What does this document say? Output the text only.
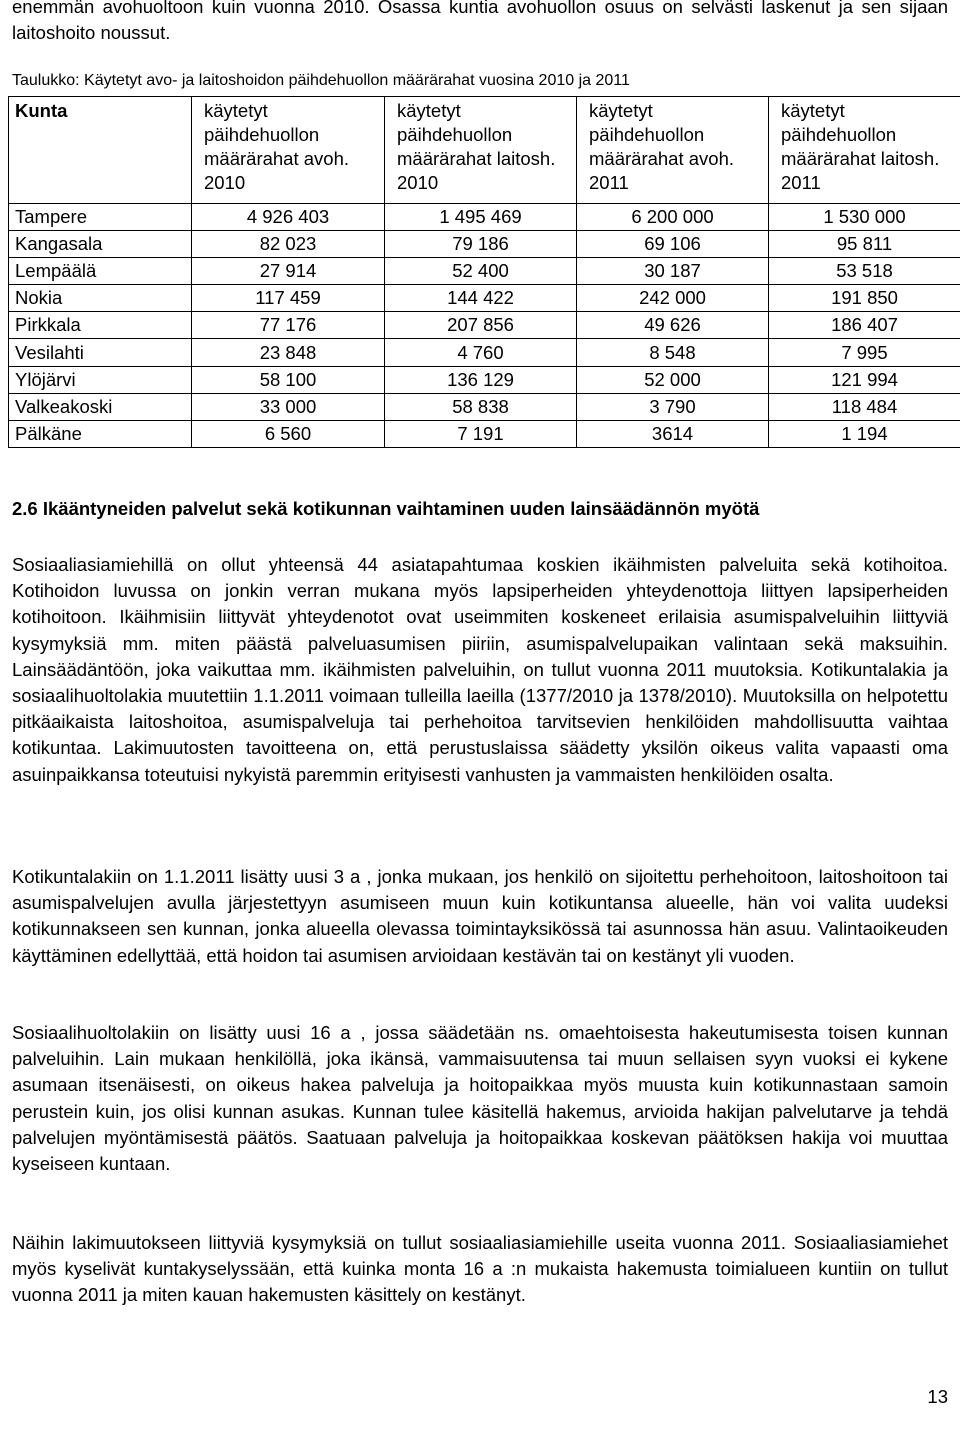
enemmän avohuoltoon kuin vuonna 2010. Osassa kuntia avohuollon osuus on selvästi laskenut ja sen sijaan laitoshoito noussut.

Taulukko: Käytetyt avo- ja laitoshoidon päihdehuollon määrärahat vuosina 2010 ja 2011

Kunta	käytetyt päihdehuollon määrärahat avoh. 2010	käytetyt päihdehuollon määrärahat laitosh. 2010	käytetyt päihdehuollon määrärahat avoh. 2011	käytetyt päihdehuollon määrärahat laitosh. 2011
Tampere	4 926 403	1 495 469	6 200 000	1 530 000
Kangasala	82 023	79 186	69 106	95 811
Lempäälä	27 914	52 400	30 187	53 518
Nokia	117 459	144 422	242 000	191 850
Pirkkala	77 176	207 856	49 626	186 407
Vesilahti	23 848	4 760	8 548	7 995
Ylöjärvi	58 100	136 129	52 000	121 994
Valkeakoski	33 000	58 838	3 790	118 484
Pälkäne	6 560	7 191	3614	1 194

2.6 Ikääntyneiden palvelut sekä kotikunnan vaihtaminen uuden lainsäädännön myötä

Sosiaaliasiamiehillä on ollut yhteensä 44 asiatapahtumaa koskien ikäihmisten palveluita sekä kotihoitoa. Kotihoidon luvussa on jonkin verran mukana myös lapsiperheiden yhteydenottoja liittyen lapsiperheiden kotihoitoon. Ikäihmisiin liittyvät yhteydenotot ovat useimmiten koskeneet erilaisia asumispalveluihin liittyviä kysymyksiä mm. miten päästä palveluasumisen piiriin, asumispalvelupaikan valintaan sekä maksuihin. Lainsäädäntöön, joka vaikuttaa mm. ikäihmisten palveluihin, on tullut vuonna 2011 muutoksia. Kotikuntalakia ja sosiaalihuoltolakia muutettiin 1.1.2011 voimaan tulleilla laeilla (1377/2010 ja 1378/2010). Muutoksilla on helpotettu pitkäaikaista laitoshoitoa, asumispalveluja tai perhehoitoa tarvitsevien henkilöiden mahdollisuutta vaihtaa kotikuntaa. Lakimuutosten tavoitteena on, että perustuslaissa säädetty yksilön oikeus valita vapaasti oma asuinpaikkansa toteutuisi nykyistä paremmin erityisesti vanhusten ja vammaisten henkilöiden osalta.

Kotikuntalakiin on 1.1.2011 lisätty uusi 3 a , jonka mukaan, jos henkilö on sijoitettu perhehoitoon, laitoshoitoon tai asumispalvelujen avulla järjestettyyn asumiseen muun kuin kotikuntansa alueelle, hän voi valita uudeksi kotikunnakseen sen kunnan, jonka alueella olevassa toimintayksikössä tai asunnossa hän asuu. Valintaoikeuden käyttäminen edellyttää, että hoidon tai asumisen arvioidaan kestävän tai on kestänyt yli vuoden.

Sosiaalihuoltolakiin on lisätty uusi 16 a , jossa säädetään ns. omaehtoisesta hakeutumisesta toisen kunnan palveluihin. Lain mukaan henkilöllä, joka ikänsä, vammaisuutensa tai muun sellaisen syyn vuoksi ei kykene asumaan itsenäisesti, on oikeus hakea palveluja ja hoitopaikkaa myös muusta kuin kotikunnastaan samoin perustein kuin, jos olisi kunnan asukas. Kunnan tulee käsitellä hakemus, arvioida hakijan palvelutarve ja tehdä palvelujen myöntämisestä päätös. Saatuaan palveluja ja hoitopaikkaa koskevan päätöksen hakija voi muuttaa kyseiseen kuntaan.

Näihin lakimuutokseen liittyviä kysymyksiä on tullut sosiaaliasiamiehille useita vuonna 2011. Sosiaaliasiamiehet myös kyselivät kuntakyselyssään, että kuinka monta 16 a :n mukaista hakemusta toimialueen kuntiin on tullut vuonna 2011 ja miten kauan hakemusten käsittely on kestänyt.

13
